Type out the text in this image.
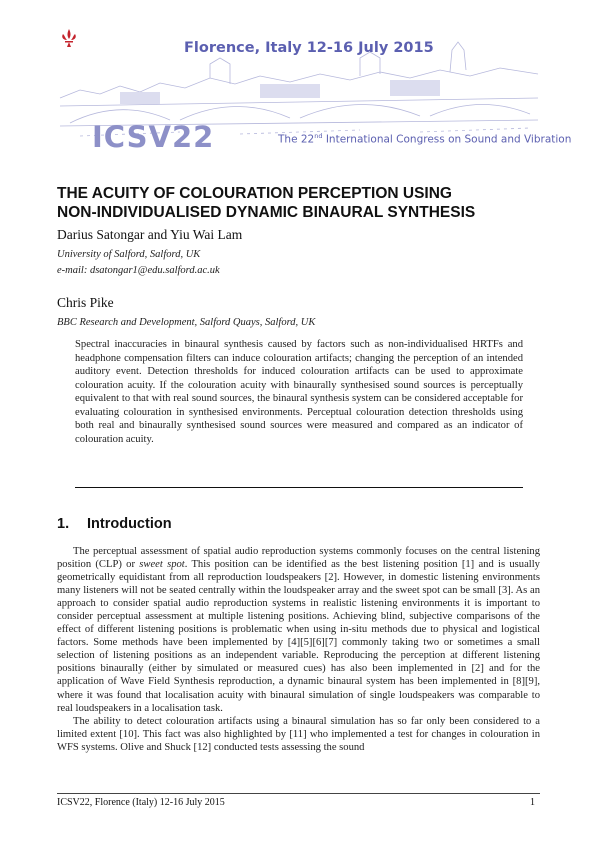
Florence, Italy 12-16 July 2015
ICSV22	The 22nd International Congress on Sound and Vibration
THE ACUITY OF COLOURATION PERCEPTION USING
NON-INDIVIDUALISED DYNAMIC BINAURAL SYNTHESIS
Darius Satongar and Yiu Wai Lam
University of Salford, Salford, UK
e-mail: dsatongar1@edu.salford.ac.uk
Chris Pike
BBC Research and Development, Salford Quays, Salford, UK
Spectral inaccuracies in binaural synthesis caused by factors such as non-individualised HRTFs and headphone compensation filters can induce colouration artifacts; changing the perception of an intended auditory event. Detection thresholds for induced colouration artifacts can be used to approximate colouration acuity. If the colouration acuity with binaurally synthesised sound sources is perceptually equivalent to that with real sound sources, the binaural synthesis system can be considered acceptable for evaluating colouration in synthesised environments. Perceptual colouration detection thresholds using both real and binaurally synthesised sound sources were measured and compared as an indicator of colouration acuity.
1. Introduction

The perceptual assessment of spatial audio reproduction systems commonly focuses on the central listening position (CLP) or sweet spot. This position can be identified as the best listening position [1] and is usually geometrically equidistant from all reproduction loudspeakers [2]. However, in domestic listening environments many listeners will not be seated centrally within the loudspeaker array and the sweet spot can be small [3]. As an approach to consider spatial audio reproduction systems in realistic listening environments it is important to consider perceptual assessment at multiple listening positions. Achieving blind, subjective comparisons of the effect of different listening positions is problematic when using in-situ methods due to physical and logistical factors. Some methods have been implemented by [4][5][6][7] commonly taking two or sometimes a small selection of listening positions as an independent variable. Reproducing the perception at different listening positions binaurally (either by simulated or measured cues) has also been implemented in [2] and for the application of Wave Field Synthesis reproduction, a dynamic binaural system has been implemented in [8][9], where it was found that localisation acuity with binaural simulation of single loudspeakers was comparable to real loudspeakers in a localisation task.

The ability to detect colouration artifacts using a binaural simulation has so far only been considered to a limited extent [10]. This fact was also highlighted by [11] who implemented a test for changes in colouration in WFS systems. Olive and Shuck [12] conducted tests assessing the sound

ICSV22, Florence (Italy) 12-16 July 2015	1
